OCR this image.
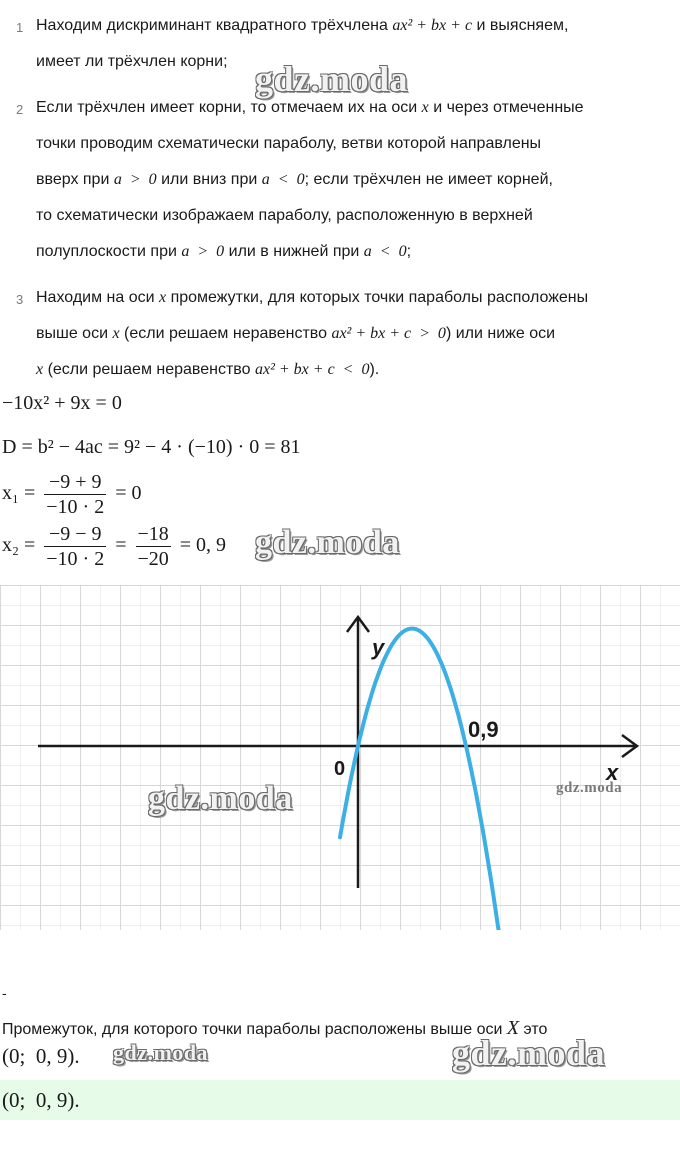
1 Находим дискриминант квадратного трёхчлена ax² + bx + c и выясняем,
имеет ли трёхчлен корни;
2 Если трёхчлен имеет корни, то отмечаем их на оси x и через отмеченные
точки проводим схематически параболу, ветви которой направлены
вверх при a  >  0 или вниз при a  <  0; если трёхчлен не имеет корней,
то схематически изображаем параболу, расположенную в верхней
полуплоскости при a  >  0 или в нижней при a  <  0;
3 Находим на оси x промежутки, для которых точки параболы расположены
выше оси x (если решаем неравенство ax² + bx + c  >  0) или ниже оси
x (если решаем неравенство ax² + bx + c  <  0).
−10x² + 9x = 0
D = b² − 4ac = 9² − 4 · (−10) · 0 = 81
$x_1 = \frac{-9 + 9}{-10 \cdot 2} = 0$
$x_2 = \frac{-9 - 9}{-10 \cdot 2} = \frac{-18}{-20} = 0$, 9
y
0
0,9
x
gdz.moda
gdz.moda
gdz.moda	gdz.moda
gdz.moda	gdz.moda
-
Промежуток, для которого точки параболы расположены выше оси X это
(0;  0, 9).
(0;  0, 9).
